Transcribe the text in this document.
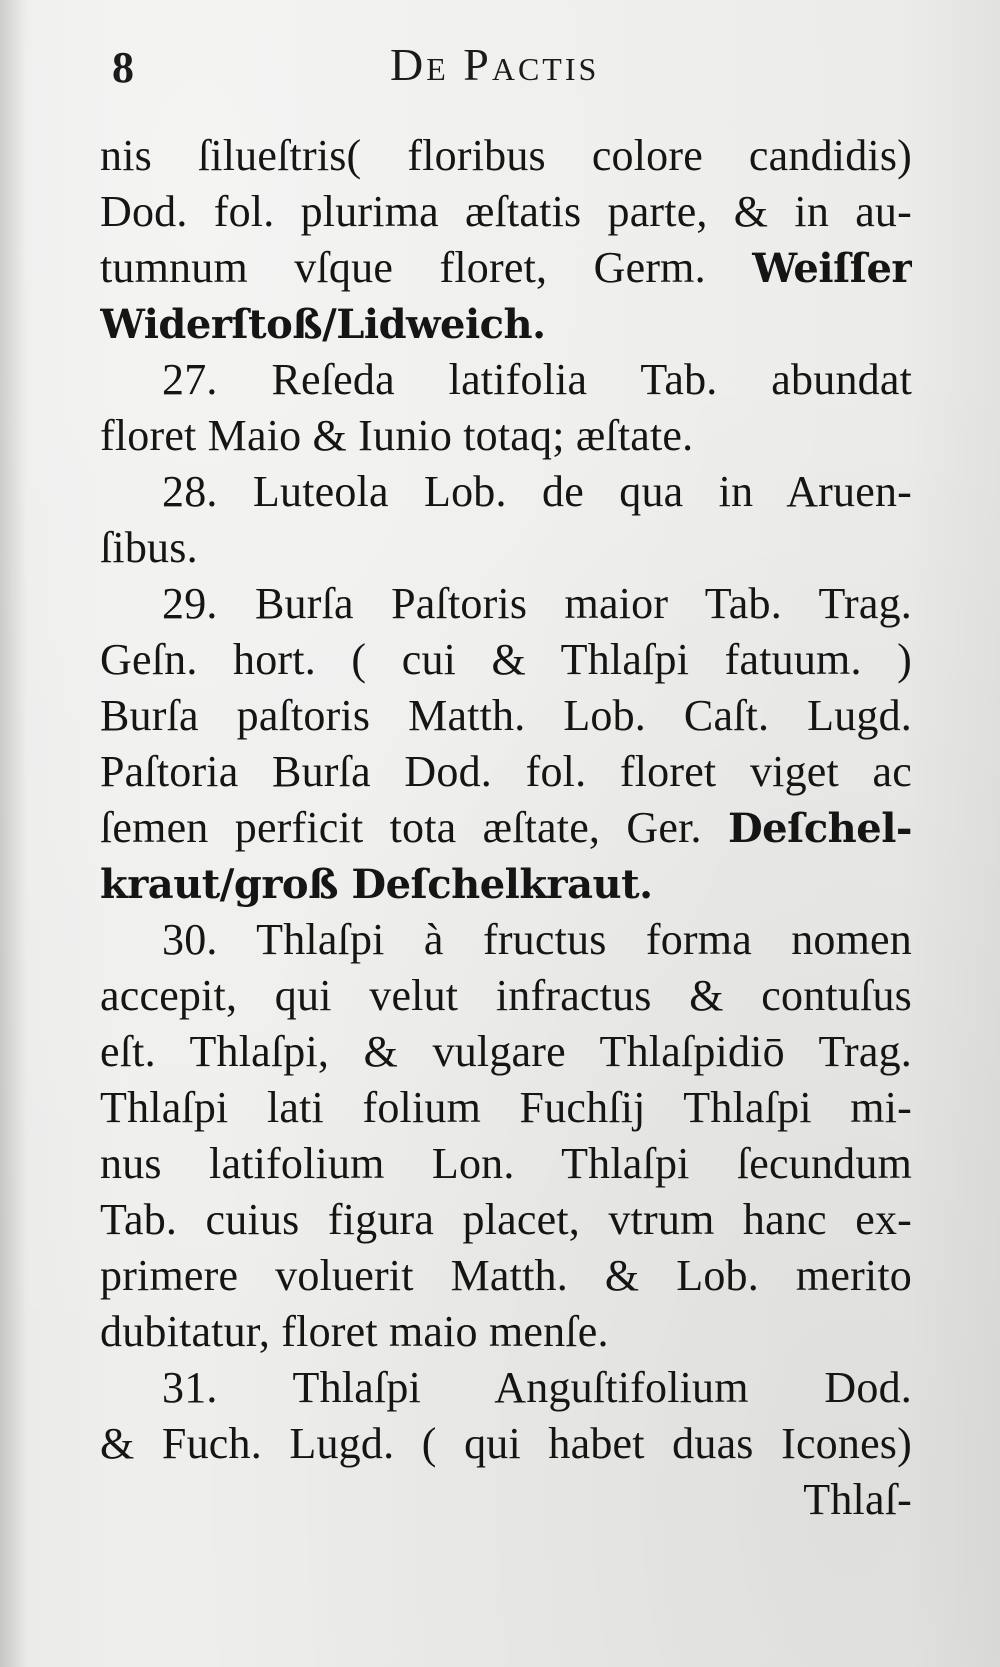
8	De Pactis
nis ſilueſtris( floribus colore candidis)
Dod. fol. plurima æſtatis parte, & in au-
tumnum vſque floret, Germ. Weiſſer
Widerſtoß/Lidweich.
27. Reſeda latifolia Tab. abundat
floret Maio & Iunio totaq; æſtate.
28. Luteola Lob. de qua in Aruen-
ſibus.
29. Burſa Paſtoris maior Tab. Trag.
Geſn. hort. ( cui & Thlaſpi fatuum. )
Burſa paſtoris Matth. Lob. Caſt. Lugd.
Paſtoria Burſa Dod. fol. floret viget ac
ſemen perficit tota æſtate, Ger. Deſchel-
kraut/groß Deſchelkraut.
30. Thlaſpi à fructus forma nomen
accepit, qui velut infractus & contuſus
eſt. Thlaſpi, & vulgare Thlaſpidiō Trag.
Thlaſpi lati folium Fuchſij Thlaſpi mi-
nus latifolium Lon. Thlaſpi ſecundum
Tab. cuius figura placet, vtrum hanc ex-
primere voluerit Matth. & Lob. merito
dubitatur, floret maio menſe.
31. Thlaſpi Anguſtifolium Dod.
& Fuch. Lugd. ( qui habet duas Icones)
Thlaſ-
